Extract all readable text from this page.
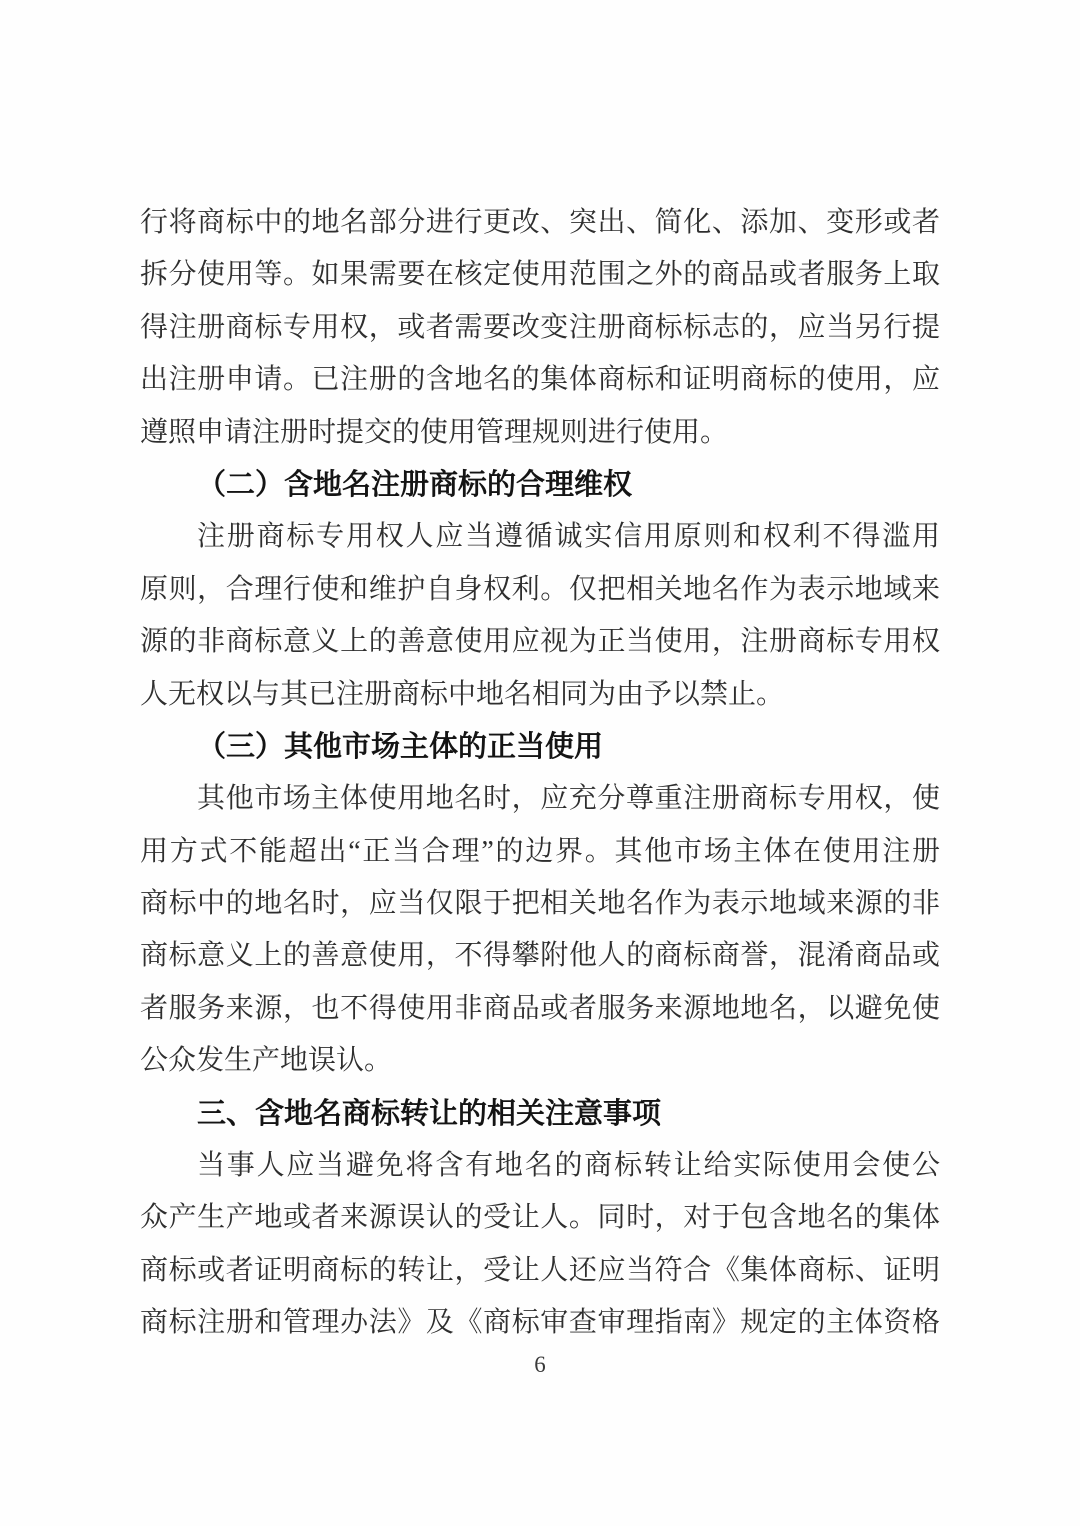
行将商标中的地名部分进行更改、突出、简化、添加、变形或者
拆分使用等。如果需要在核定使用范围之外的商品或者服务上取
得注册商标专用权，或者需要改变注册商标标志的，应当另行提
出注册申请。已注册的含地名的集体商标和证明商标的使用，应
遵照申请注册时提交的使用管理规则进行使用。
（二）含地名注册商标的合理维权
注册商标专用权人应当遵循诚实信用原则和权利不得滥用
原则，合理行使和维护自身权利。仅把相关地名作为表示地域来
源的非商标意义上的善意使用应视为正当使用，注册商标专用权
人无权以与其已注册商标中地名相同为由予以禁止。
（三）其他市场主体的正当使用
其他市场主体使用地名时，应充分尊重注册商标专用权，使
用方式不能超出“正当合理”的边界。其他市场主体在使用注册
商标中的地名时，应当仅限于把相关地名作为表示地域来源的非
商标意义上的善意使用，不得攀附他人的商标商誉，混淆商品或
者服务来源，也不得使用非商品或者服务来源地地名，以避免使
公众发生产地误认。
三、含地名商标转让的相关注意事项
当事人应当避免将含有地名的商标转让给实际使用会使公
众产生产地或者来源误认的受让人。同时，对于包含地名的集体
商标或者证明商标的转让，受让人还应当符合《集体商标、证明
商标注册和管理办法》及《商标审查审理指南》规定的主体资格
6
